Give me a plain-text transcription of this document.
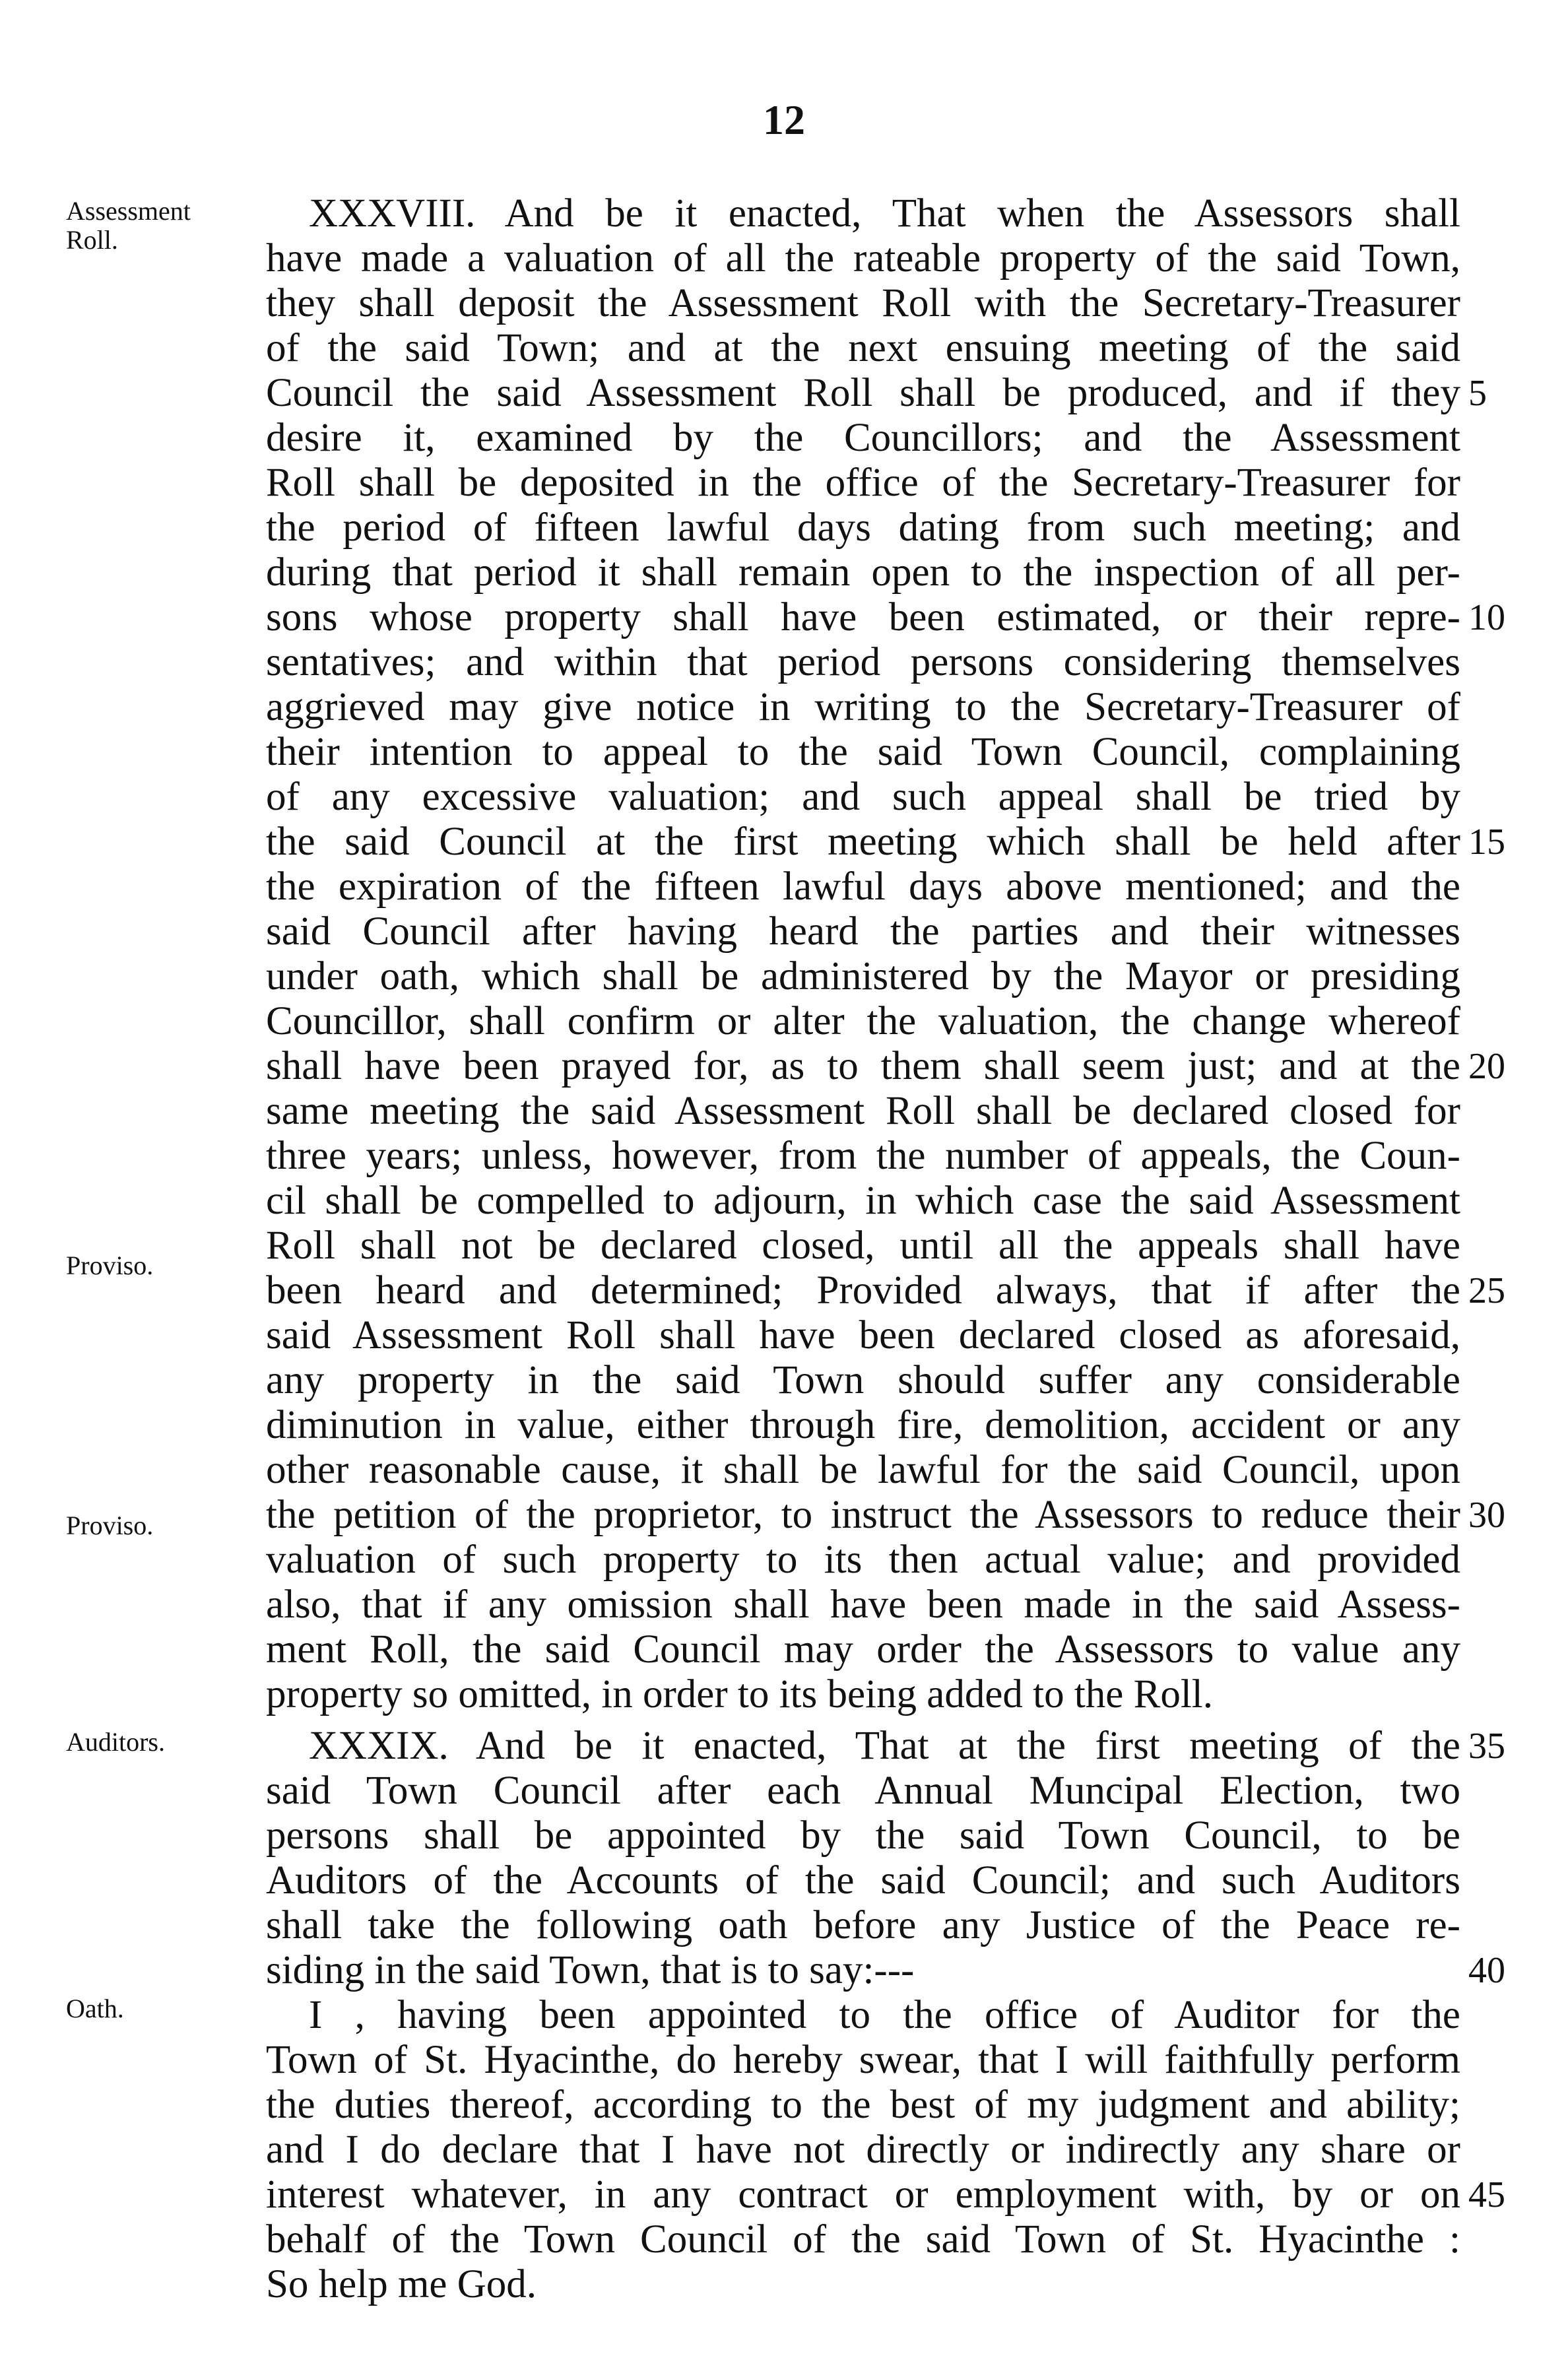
12
Assessment Roll.
Proviso.
Proviso.
Auditors.
Oath.
XXXVIII. And be it enacted, That when the Assessors shall
have made a valuation of all the rateable property of the said Town,
they shall deposit the Assessment Roll with the Secretary-Treasurer
of the said Town; and at the next ensuing meeting of the said
Council the said Assessment Roll shall be produced, and if they
desire it, examined by the Councillors; and the Assessment
Roll shall be deposited in the office of the Secretary-Treasurer for
the period of fifteen lawful days dating from such meeting; and
during that period it shall remain open to the inspection of all per-
sons whose property shall have been estimated, or their repre-
sentatives; and within that period persons considering themselves
aggrieved may give notice in writing to the Secretary-Treasurer of
their intention to appeal to the said Town Council, complaining
of any excessive valuation; and such appeal shall be tried by
the said Council at the first meeting which shall be held after
the expiration of the fifteen lawful days above mentioned; and the
said Council after having heard the parties and their witnesses
under oath, which shall be administered by the Mayor or presiding
Councillor, shall confirm or alter the valuation, the change whereof
shall have been prayed for, as to them shall seem just; and at the
same meeting the said Assessment Roll shall be declared closed for
three years; unless, however, from the number of appeals, the Coun-
cil shall be compelled to adjourn, in which case the said Assessment
Roll shall not be declared closed, until all the appeals shall have
been heard and determined; Provided always, that if after the
said Assessment Roll shall have been declared closed as aforesaid,
any property in the said Town should suffer any considerable
diminution in value, either through fire, demolition, accident or any
other reasonable cause, it shall be lawful for the said Council, upon
the petition of the proprietor, to instruct the Assessors to reduce their
valuation of such property to its then actual value; and provided
also, that if any omission shall have been made in the said Assess-
ment Roll, the said Council may order the Assessors to value any
property so omitted, in order to its being added to the Roll.
XXXIX. And be it enacted, That at the first meeting of the
said Town Council after each Annual Muncipal Election, two
persons shall be appointed by the said Town Council, to be
Auditors of the Accounts of the said Council; and such Auditors
shall take the following oath before any Justice of the Peace re-
siding in the said Town, that is to say:---
I , having been appointed to the office of Auditor for the
Town of St. Hyacinthe, do hereby swear, that I will faithfully perform
the duties thereof, according to the best of my judgment and ability;
and I do declare that I have not directly or indirectly any share or
interest whatever, in any contract or employment with, by or on
behalf of the Town Council of the said Town of St. Hyacinthe :
So help me God.
5
10
15
20
25
30
35
40
45
